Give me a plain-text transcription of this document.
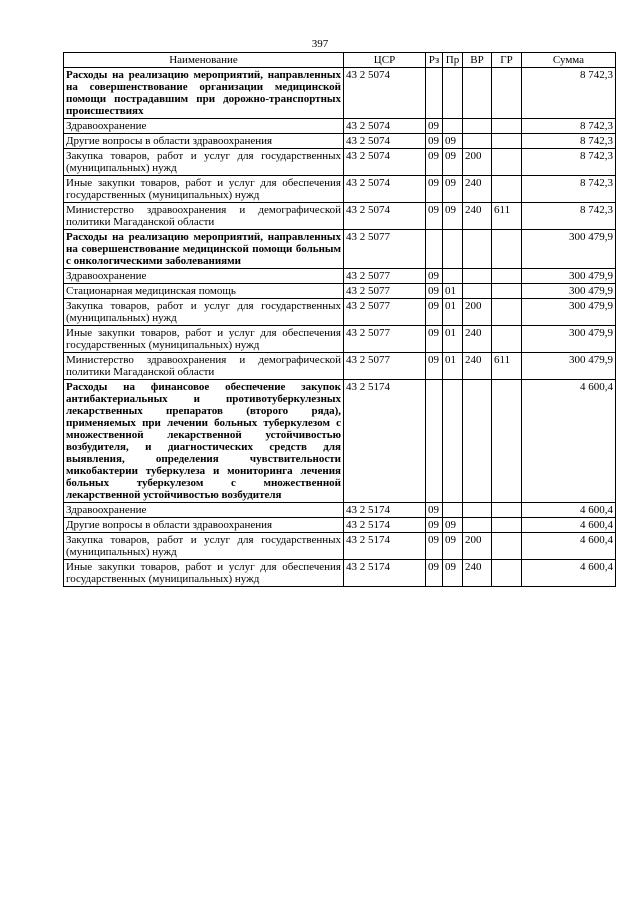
397
Наименование	ЦСР	Рз	Пр	ВР	ГР	Сумма
Расходы на реализацию мероприятий, направленных на совершенствование организации медицинской помощи пострадавшим при дорожно-транспортных происшествиях	43 2 5074					8 742,3
Здравоохранение	43 2 5074	09				8 742,3
Другие вопросы в области здравоохранения	43 2 5074	09	09			8 742,3
Закупка товаров, работ и услуг для государственных (муниципальных) нужд	43 2 5074	09	09	200		8 742,3
Иные закупки товаров, работ и услуг для обеспечения государственных (муниципальных) нужд	43 2 5074	09	09	240		8 742,3
Министерство здравоохранения и демографической политики Магаданской области	43 2 5074	09	09	240	611	8 742,3
Расходы на реализацию мероприятий, направленных на совершенствование медицинской помощи больным с онкологическими заболеваниями	43 2 5077					300 479,9
Здравоохранение	43 2 5077	09				300 479,9
Стационарная медицинская помощь	43 2 5077	09	01			300 479,9
Закупка товаров, работ и услуг для государственных (муниципальных) нужд	43 2 5077	09	01	200		300 479,9
Иные закупки товаров, работ и услуг для обеспечения государственных (муниципальных) нужд	43 2 5077	09	01	240		300 479,9
Министерство здравоохранения и демографической политики Магаданской области	43 2 5077	09	01	240	611	300 479,9
Расходы на финансовое обеспечение закупок антибактериальных и противотуберкулезных лекарственных препаратов (второго ряда), применяемых при лечении больных туберкулезом с множественной лекарственной устойчивостью возбудителя, и диагностических средств для выявления, определения чувствительности микобактерии туберкулеза и мониторинга лечения больных туберкулезом с множественной лекарственной устойчивостью возбудителя	43 2 5174					4 600,4
Здравоохранение	43 2 5174	09				4 600,4
Другие вопросы в области здравоохранения	43 2 5174	09	09			4 600,4
Закупка товаров, работ и услуг для государственных (муниципальных) нужд	43 2 5174	09	09	200		4 600,4
Иные закупки товаров, работ и услуг для обеспечения государственных (муниципальных) нужд	43 2 5174	09	09	240		4 600,4
